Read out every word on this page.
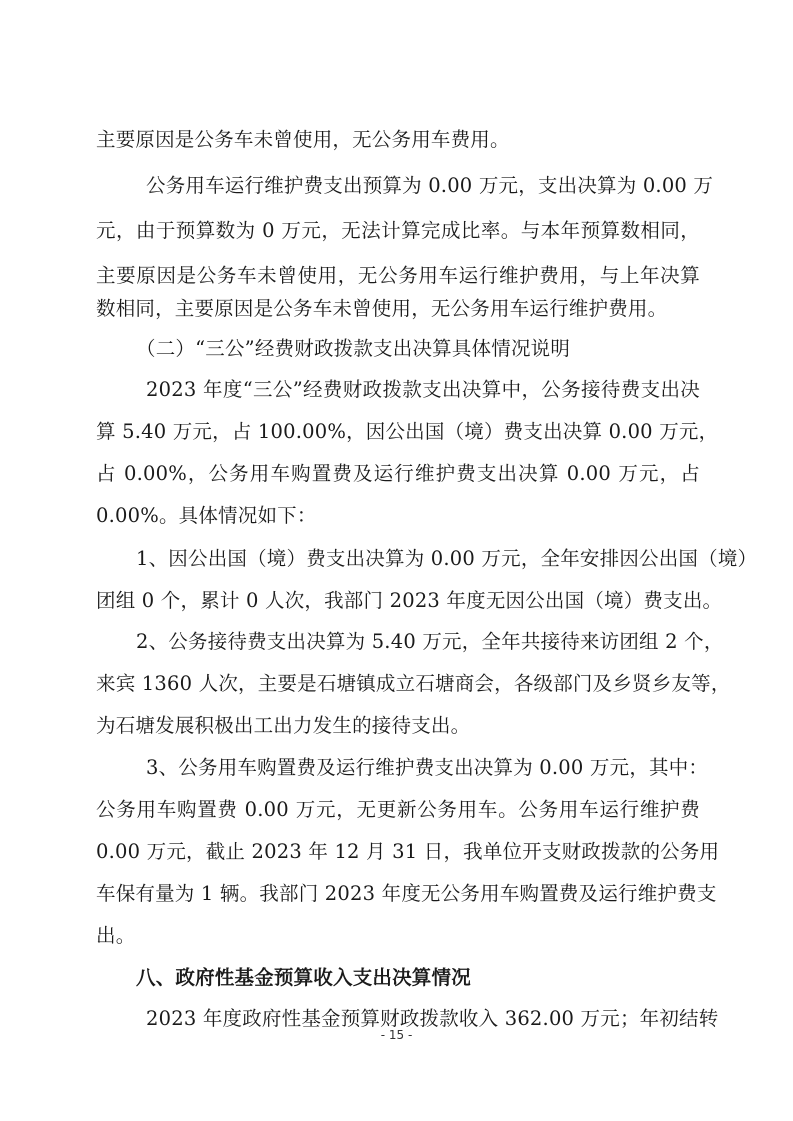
主要原因是公务车未曾使用，无公务用车费用。
公务用车运行维护费支出预算为 0.00 万元，支出决算为 0.00 万
元，由于预算数为 0 万元，无法计算完成比率。与本年预算数相同，
主要原因是公务车未曾使用，无公务用车运行维护费用，与上年决算
数相同，主要原因是公务车未曾使用，无公务用车运行维护费用。
（二）“三公”经费财政拨款支出决算具体情况说明
2023 年度“三公”经费财政拨款支出决算中，公务接待费支出决
算 5.40 万元，占 100.00%，因公出国（境）费支出决算 0.00 万元，
占 0.00%，公务用车购置费及运行维护费支出决算 0.00 万元，占
0.00%。具体情况如下：
1、因公出国（境）费支出决算为 0.00 万元，全年安排因公出国（境）
团组 0 个，累计 0 人次，我部门 2023 年度无因公出国（境）费支出。
2、公务接待费支出决算为 5.40 万元，全年共接待来访团组 2 个，
来宾 1360 人次，主要是石塘镇成立石塘商会，各级部门及乡贤乡友等，
为石塘发展积极出工出力发生的接待支出。
3、公务用车购置费及运行维护费支出决算为 0.00 万元，其中：
公务用车购置费 0.00 万元，无更新公务用车。公务用车运行维护费
0.00 万元，截止 2023 年 12 月 31 日，我单位开支财政拨款的公务用
车保有量为 1 辆。我部门 2023 年度无公务用车购置费及运行维护费支
出。
八、政府性基金预算收入支出决算情况
2023 年度政府性基金预算财政拨款收入 362.00 万元；年初结转
- 15 -
